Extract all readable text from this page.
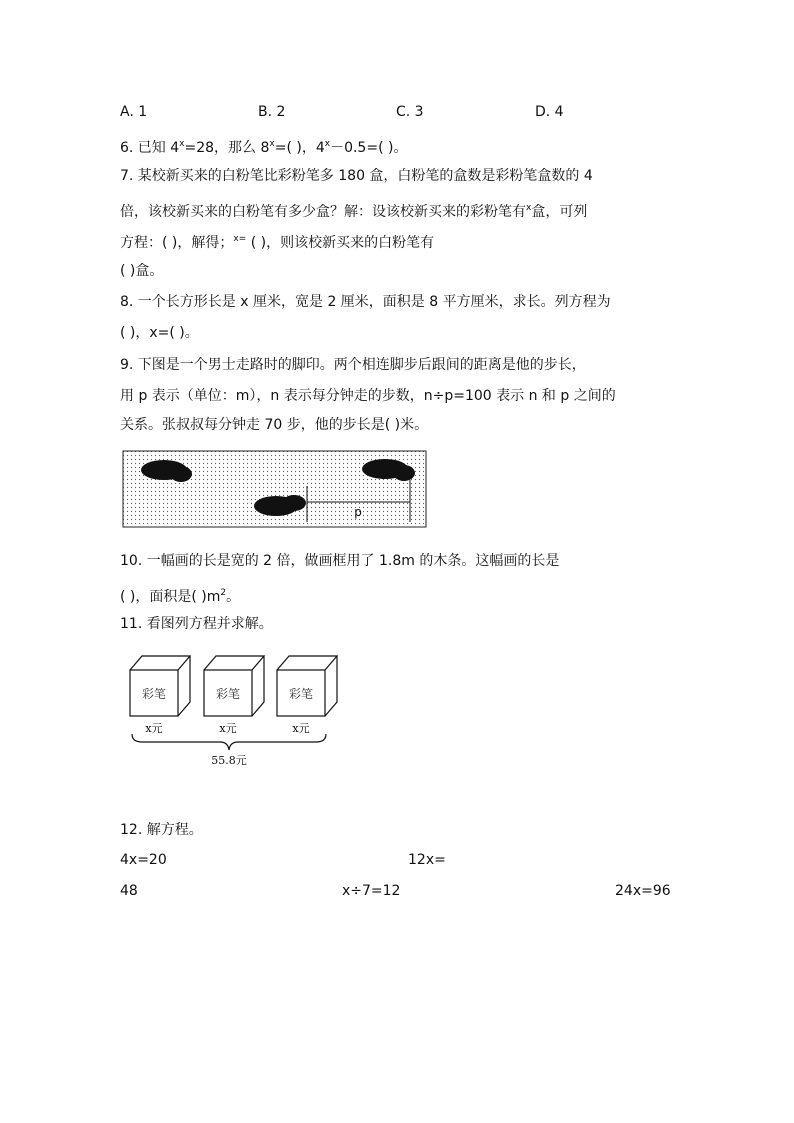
A. 1	B. 2	C. 3	D. 4
6. 已知 $4^x=28$，那么 $8^x=$( )，$4^x-0.5=$( )。
7. 某校新买来的白粉笔比彩粉笔多 180 盒，白粉笔的盒数是彩粉笔盒数的 4
倍，该校新买来的白粉笔有多少盒？解：设该校新买来的彩粉笔有$^x$盒，可列
方程：( )，解得；$^{x=}$ ( )，则该校新买来的白粉笔有
( )盒。
8. 一个长方形长是 x 厘米，宽是 2 厘米，面积是 8 平方厘米，求长。列方程为
( )，x=( )。
9. 下图是一个男士走路时的脚印。两个相连脚步后跟间的距离是他的步长，
用 p 表示（单位：m），n 表示每分钟走的步数，n÷p=100 表示 n 和 p 之间的
关系。张叔叔每分钟走 70 步，他的步长是( )米。
p
10. 一幅画的长是宽的 2 倍，做画框用了 1.8m 的木条。这幅画的长是
( )，面积是( )$m^2$。
11. 看图列方程并求解。
彩笔	彩笔	彩笔
x元	x元	x元
55.8元
12. 解方程。
4x=20	12x=
48	x÷7=12	24x=96
